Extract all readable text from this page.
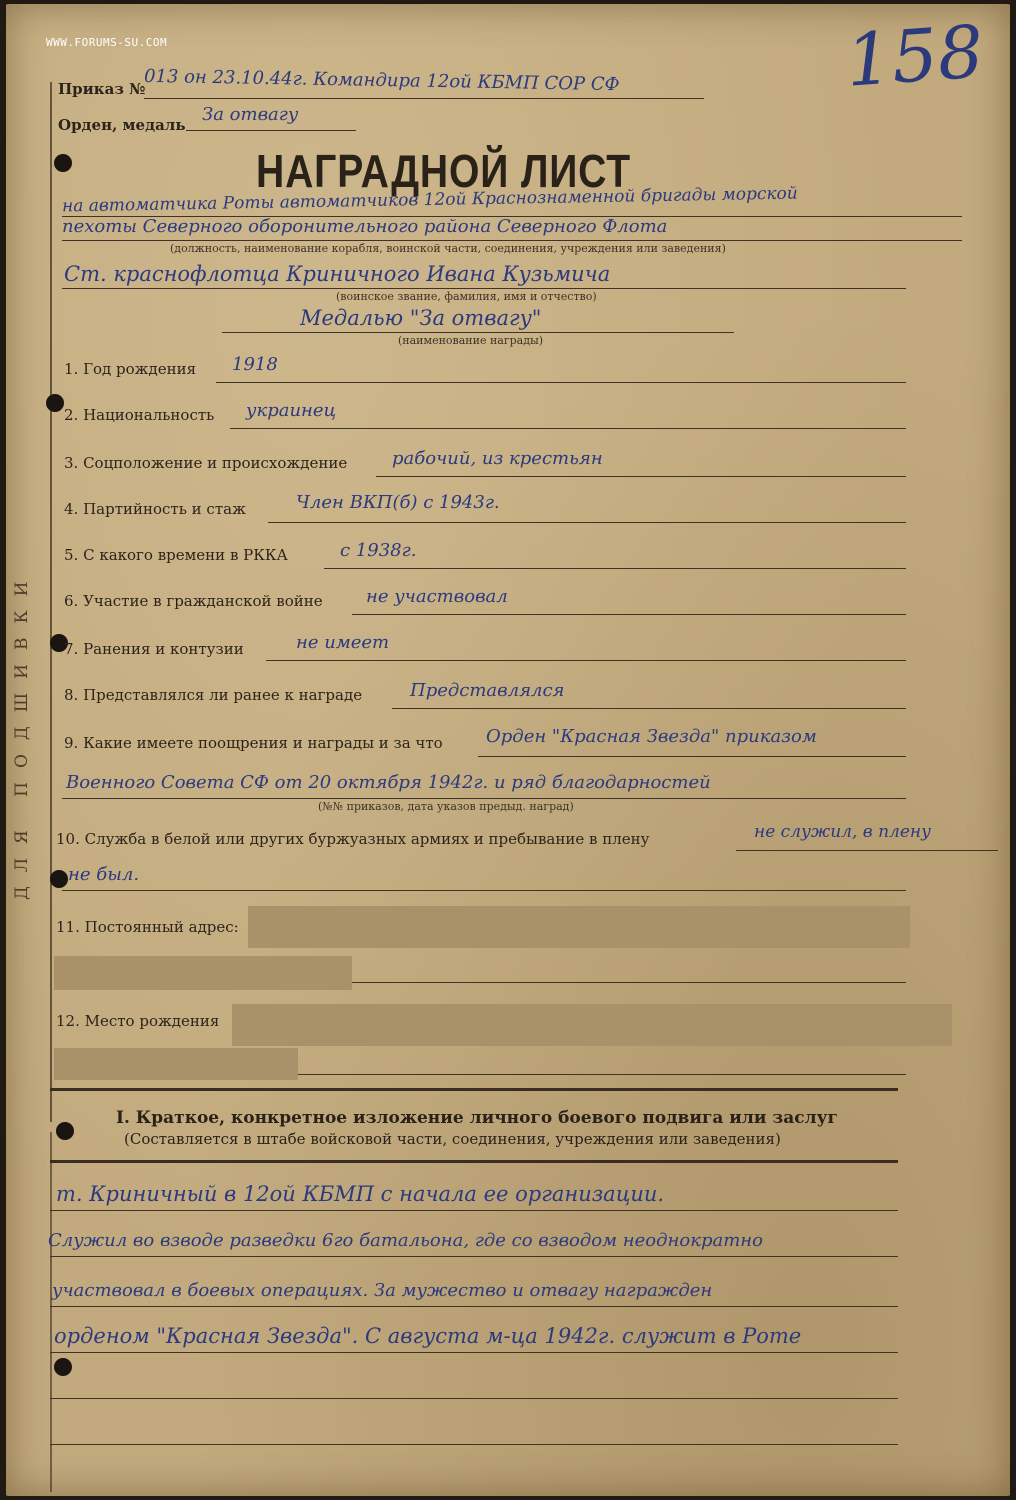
WWW.FORUMS-SU.COM	158
ДЛЯ ПОДШИВКИ
Приказ №
013 он 23.10.44г. Командира 12ой КБМП СОР СФ
Орден, медаль За отвагу
НАГРАДНОЙ ЛИСТ
на автоматчика Роты автоматчиков 12ой Краснознаменной бригады морской
пехоты Северного оборонительного района Северного Флота
(должность, наименование корабля, воинской части, соединения, учреждения или заведения)
Ст. краснофлотца Криничного Ивана Кузьмича
(воинское звание, фамилия, имя и отчество)
Медалью "За отвагу"
(наименование награды)
1. Год рождения 1918
2. Национальность украинец
3. Соцположение и происхождение рабочий, из крестьян
4. Партийность и стаж	Член ВКП(б) с 1943г.
5. С какого времени в РККА	с 1938г.
6. Участие в гражданской войне не участвовал
7. Ранения и контузии	не имеет
8. Представлялся ли ранее к награде	Представлялся
9. Какие имеете поощрения и награды и за что Орден "Красная Звезда" приказом
Военного Совета СФ от 20 октября 1942г. и ряд благодарностей
(№№ приказов, дата указов предыд. наград)
10. Служба в белой или других буржуазных армиях и пребывание в плену	не служил, в плену
не был.
11. Постоянный адрес:
12. Место рождения
I. Краткое, конкретное изложение личного боевого подвига или заслуг
(Составляется в штабе войсковой части, соединения, учреждения или заведения)
т. Криничный в 12ой КБМП с начала ее организации.
Служил во взводе разведки 6го батальона, где со взводом неоднократно
участвовал в боевых операциях. За мужество и отвагу награжден
орденом "Красная Звезда". С августа м-ца 1942г. служит в Роте
